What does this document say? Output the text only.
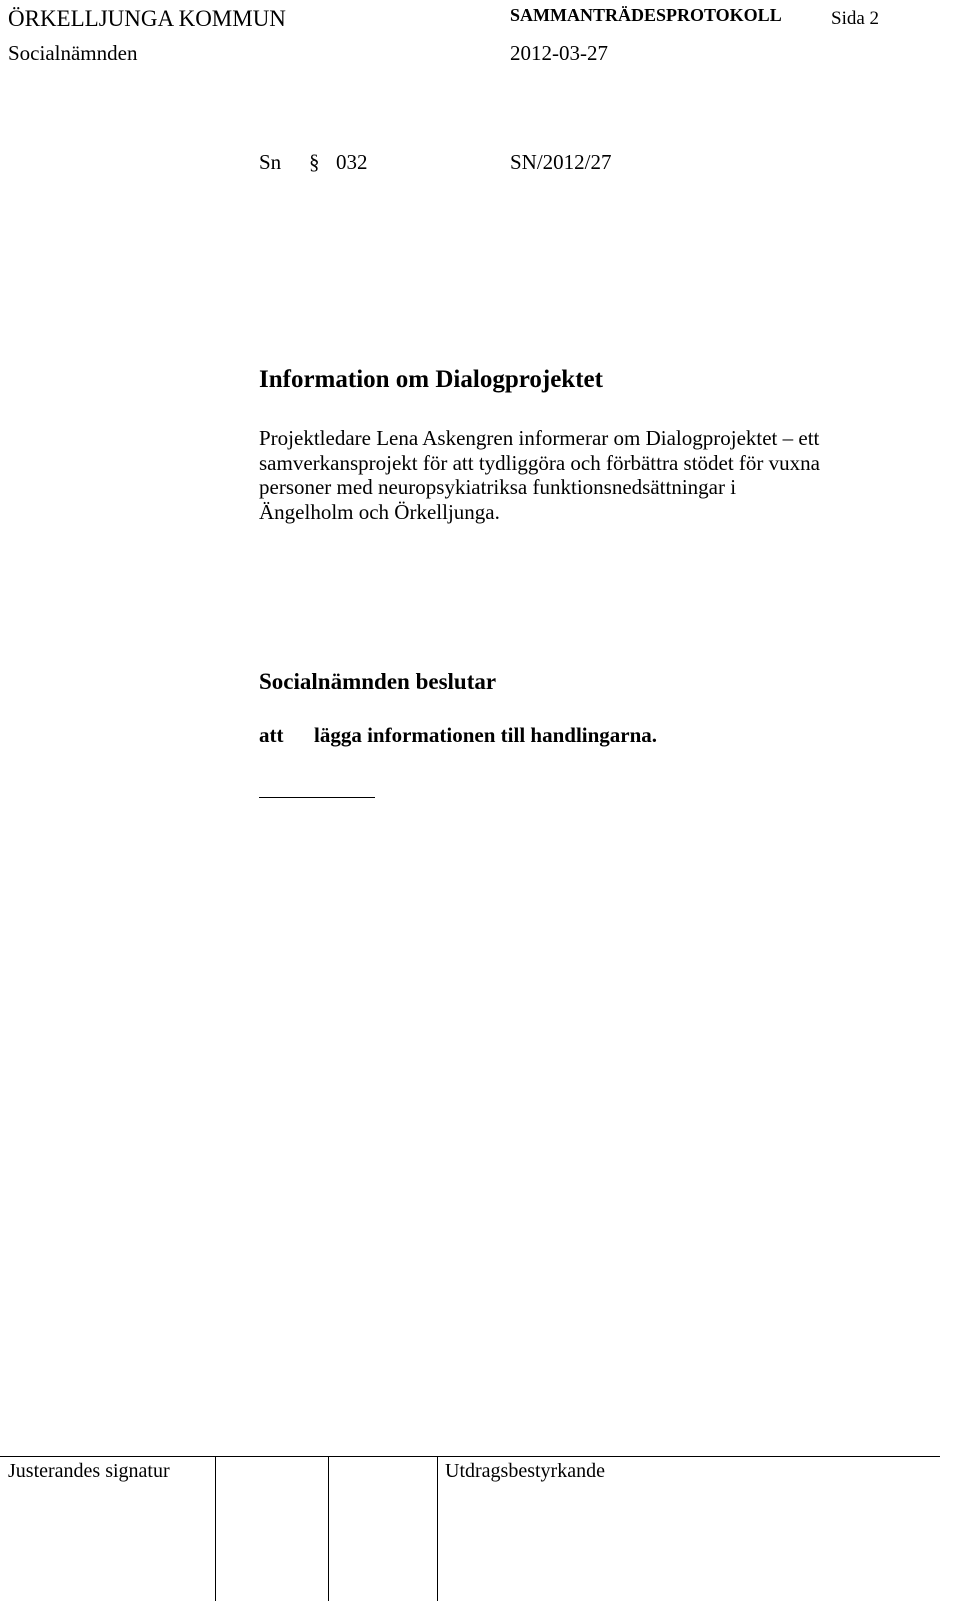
ÖRKELLJUNGA KOMMUN	SAMMANTRÄDESPROTOKOLL	Sida 2
Socialnämnden	2012-03-27
Sn § 032	SN/2012/27
Information om Dialogprojektet
Projektledare Lena Askengren informerar om Dialogprojektet – ett
samverkansprojekt för att tydliggöra och förbättra stödet för vuxna
personer med neuropsykiatriksa funktionsnedsättningar i
Ängelholm och Örkelljunga.
Socialnämnden beslutar
att lägga informationen till handlingarna.
Justerandes signatur	Utdragsbestyrkande
